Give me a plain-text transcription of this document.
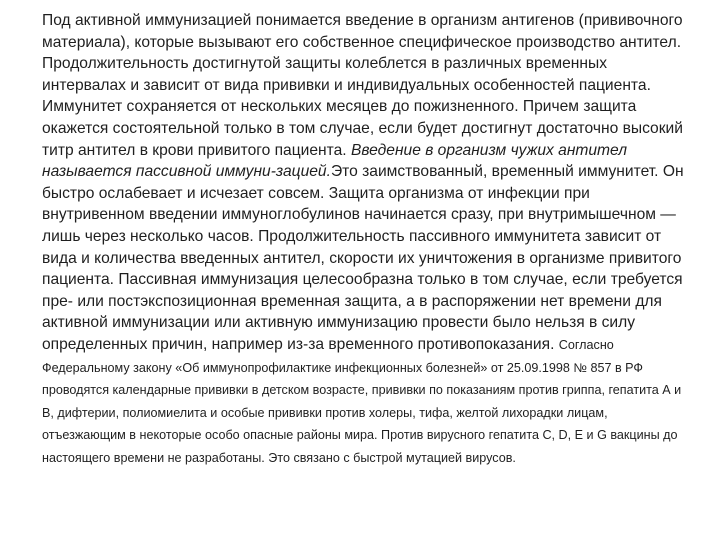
Под активной иммунизацией понимается введение в организм антигенов (прививочного материала), которые вызывают его собственное специфическое производство антител. Продолжительность достигнутой защиты колеблется в различных временных интервалах и зависит от вида прививки и индивидуальных особенностей пациента. Иммунитет сохраняется от нескольких месяцев до пожизненного. Причем защита окажется состоятельной только в том случае, если будет достигнут достаточно высокий титр антител в крови привитого пациента. Введение в организм чужих антител называется пассивной иммуни-зацией.Это заимствованный, временный иммунитет. Он быстро ослабевает и исчезает совсем. Защита организма от инфекции при внутривенном введении иммуноглобулинов начинается сразу, при внутримышечном — лишь через несколько часов. Продолжительность пассивного иммунитета зависит от вида и количества введенных антител, скорости их уничтожения в организме привитого пациента. Пассивная иммунизация целесообразна только в том случае, если требуется пре- или постэкспозиционная временная защита, а в распоряжении нет времени для активной иммунизации или активную иммунизацию провести было нельзя в силу определенных причин, например из-за временного противопоказания. Согласно Федеральному закону «Об иммунопрофилактике инфекционных болезней» от 25.09.1998 № 857 в РФ проводятся календарные прививки в детском возрасте, прививки по показаниям против гриппа, гепатита А и В, дифтерии, полиомиелита и особые прививки против холеры, тифа, желтой лихорадки лицам, отъезжающим в некоторые особо опасные районы мира. Против вирусного гепатита С, D, E и G вакцины до настоящего времени не разработаны. Это связано с быстрой мутацией вирусов.
